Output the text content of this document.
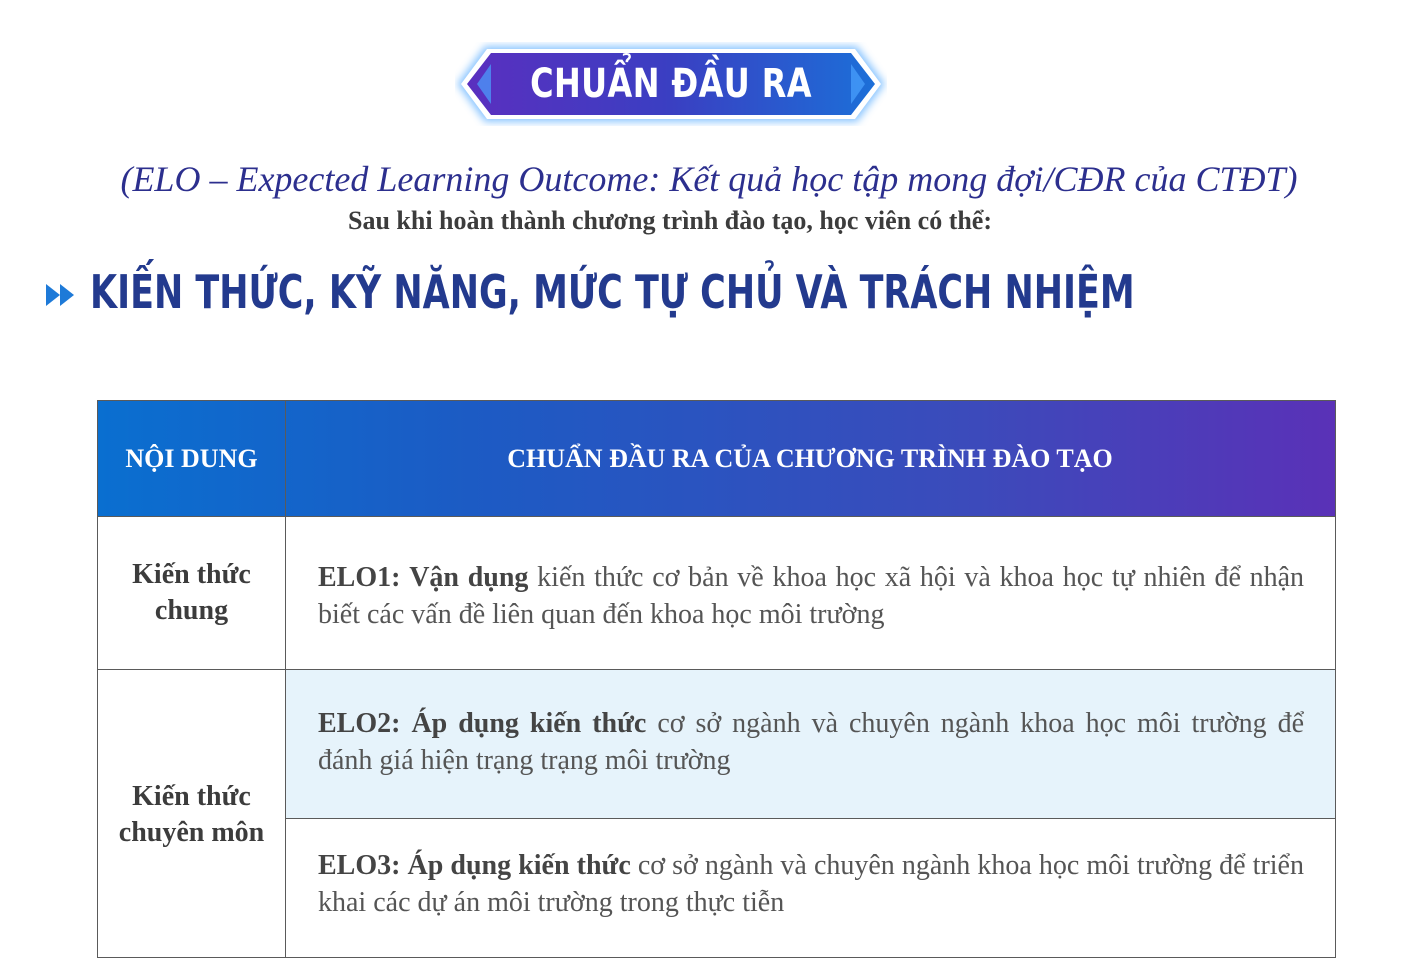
CHUẨN ĐẦU RA
(ELO – Expected Learning Outcome: Kết quả học tập mong đợi/CĐR của CTĐT)
Sau khi hoàn thành chương trình đào tạo, học viên có thể:
KIẾN THỨC, KỸ NĂNG, MỨC TỰ CHỦ VÀ TRÁCH NHIỆM
NỘI DUNG	CHUẨN ĐẦU RA CỦA CHƯƠNG TRÌNH ĐÀO TẠO
Kiến thức chung
Kiến thức chuyên môn
ELO1: Vận dụng kiến thức cơ bản về khoa học xã hội và khoa học tự nhiên để nhận biết các vấn đề liên quan đến khoa học môi trường
ELO2: Áp dụng kiến thức cơ sở ngành và chuyên ngành khoa học môi trường để đánh giá hiện trạng trạng môi trường
ELO3: Áp dụng kiến thức cơ sở ngành và chuyên ngành khoa học môi trường để triển khai các dự án môi trường trong thực tiễn
